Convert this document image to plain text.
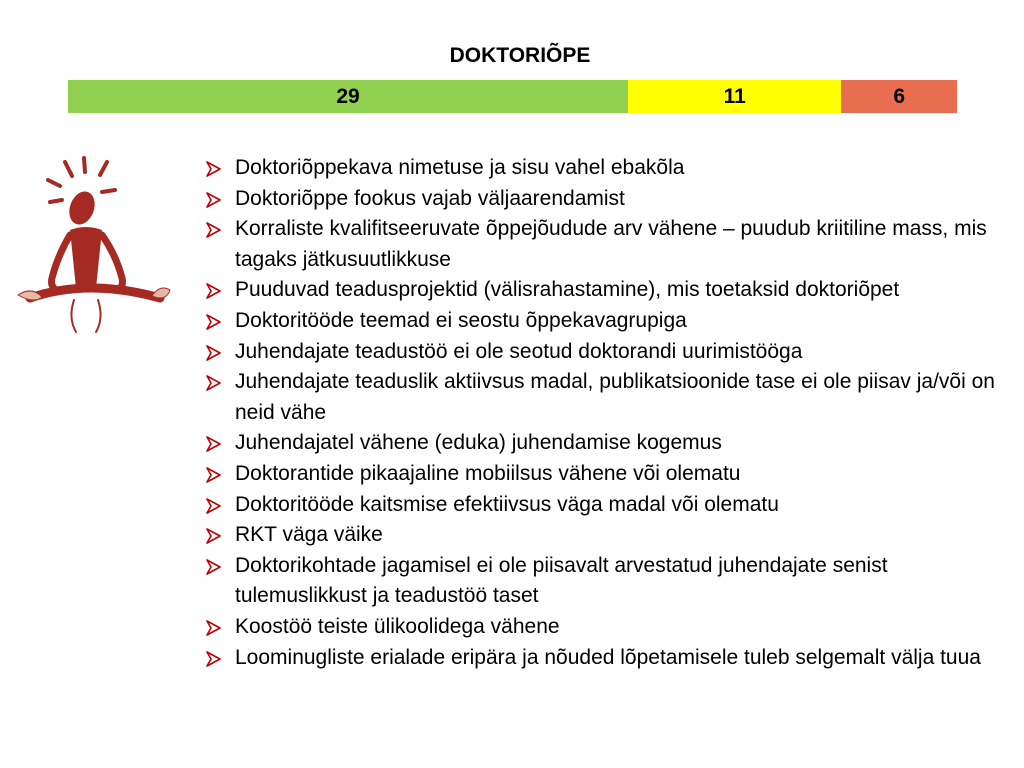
DOKTORIÕPE
29	11	6
Doktoriõppekava nimetuse ja sisu vahel ebakõla
Doktoriõppe fookus vajab väljaarendamist
Korraliste kvalifitseeruvate õppejõudude arv vähene – puudub kriitiline mass, mis tagaks jätkusuutlikkuse
Puuduvad teadusprojektid (välisrahastamine), mis toetaksid doktoriõpet
Doktoritööde teemad ei seostu õppekavagrupiga
Juhendajate teadustöö ei ole seotud doktorandi uurimistööga
Juhendajate teaduslik aktiivsus madal, publikatsioonide tase ei ole piisav ja/või on neid vähe
Juhendajatel vähene (eduka) juhendamise kogemus
Doktorantide pikaajaline mobiilsus vähene või olematu
Doktoritööde kaitsmise efektiivsus väga madal või olematu
RKT väga väike
Doktorikohtade jagamisel ei ole piisavalt arvestatud juhendajate senist tulemuslikkust ja teadustöö taset
Koostöö teiste ülikoolidega vähene
Loominugliste erialade eripära ja nõuded lõpetamisele tuleb selgemalt välja tuua
